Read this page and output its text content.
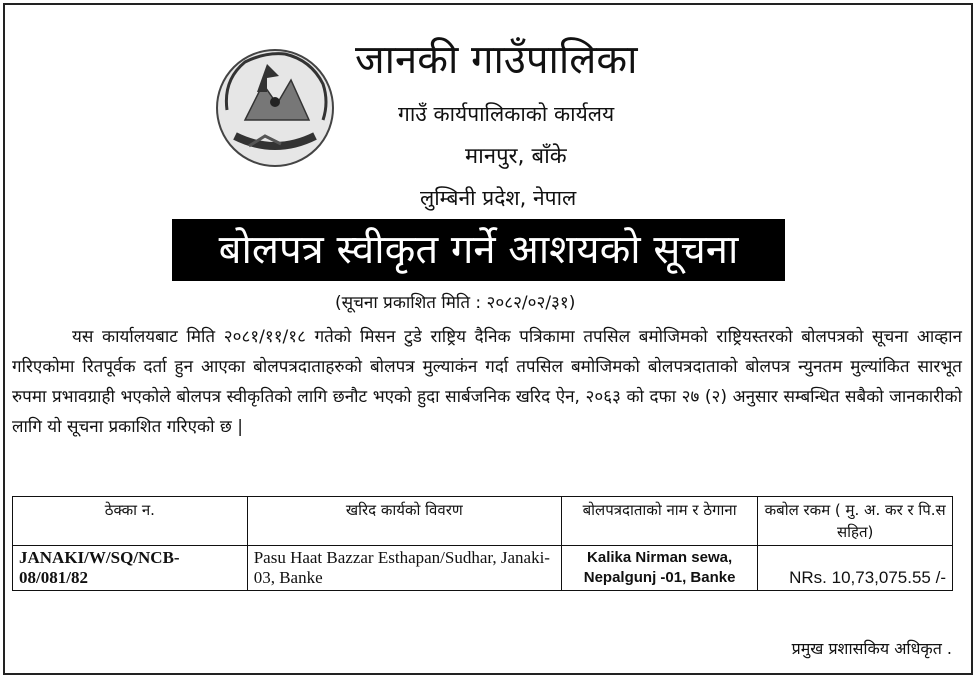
जानकी गाउँपालिका
गाउँ कार्यपालिकाको कार्यलय
मानपुर, बाँके
लुम्बिनी प्रदेश, नेपाल
बोलपत्र स्वीकृत गर्ने आशयको सूचना
(सूचना प्रकाशित मिति : २०८२/०२/३१)
यस कार्यालयबाट मिति २०८१/११/१८ गतेको मिसन टुडे राष्ट्रिय दैनिक पत्रिकामा तपसिल बमोजिमको राष्ट्रियस्तरको बोलपत्रको सूचना आव्हान गरिएकोमा रितपूर्वक दर्ता हुन आएका बोलपत्रदाताहरुको बोलपत्र मुल्याकंन गर्दा तपसिल बमोजिमको बोलपत्रदाताको बोलपत्र न्युनतम मुल्यांकित सारभूत रुपमा प्रभावग्राही भएकोले बोलपत्र स्वीकृतिको लागि छनौट भएको हुदा सार्बजनिक खरिद ऐन, २०६३ को दफा २७ (२) अनुसार सम्बन्धित सबैको जानकारीको लागि यो सूचना प्रकाशित गरिएको छ |
ठेक्का न.	खरिद कार्यको विवरण	बोलपत्रदाताको नाम र ठेगाना	कबोल रकम ( मु. अ. कर र पि.स सहित)
JANAKI/W/SQ/NCB-08/081/82	Pasu Haat Bazzar Esthapan/Sudhar, Janaki-03, Banke	Kalika Nirman sewa, Nepalgunj -01, Banke	NRs. 10,73,075.55 /-
प्रमुख प्रशासकिय अधिकृत .
